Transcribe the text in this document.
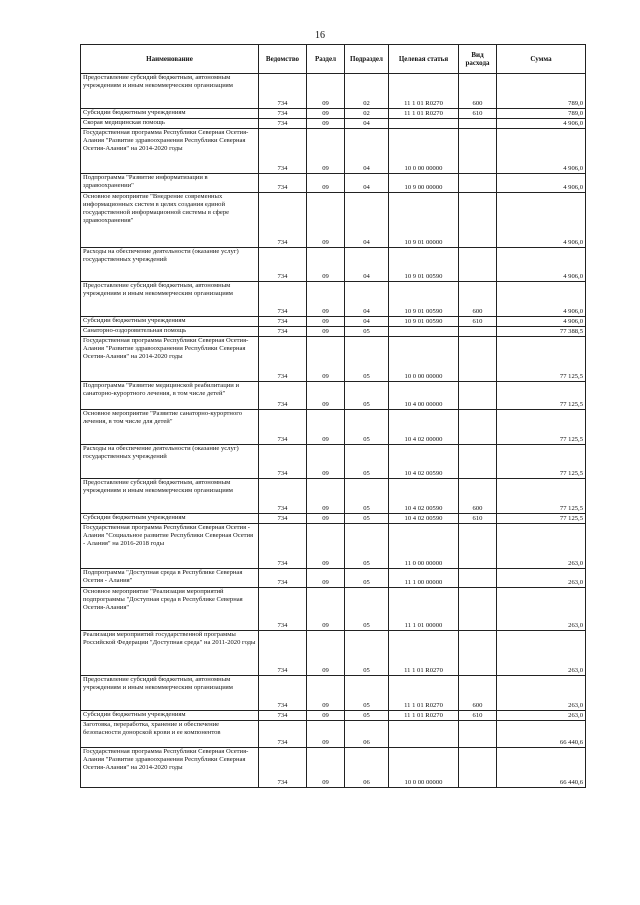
16
Наименование	Ведомство	Раздел	Подраздел	Целевая статья	Вид расхода	Сумма
Предоставление субсидий бюджетным, автономным учреждениям и иным некоммерческим организациям	734	09	02	11 1 01 R0270	600	789,0
Субсидии бюджетным учреждениям	734	09	02	11 1 01 R0270	610	789,0
Скорая медицинская помощь	734	09	04			4 906,0
Государственная программа Республики Северная Осетия-Алания "Развитие здравоохранения Республики Северная Осетия-Алания" на 2014-2020 годы	734	09	04	10 0 00 00000		4 906,0
Подпрограмма "Развитие информатизации в здравоохранении"	734	09	04	10 9 00 00000		4 906,0
Основное мероприятие "Внедрение современных информационных систем в целях создания единой государственной информационной системы в сфере здравоохранения"	734	09	04	10 9 01 00000		4 906,0
Расходы на обеспечение деятельности (оказание услуг) государственных учреждений	734	09	04	10 9 01 00590		4 906,0
Предоставление субсидий бюджетным, автономным учреждениям и иным некоммерческим организациям	734	09	04	10 9 01 00590	600	4 906,0
Субсидии бюджетным учреждениям	734	09	04	10 9 01 00590	610	4 906,0
Санаторно-оздоровительная помощь	734	09	05			77 388,5
Государственная программа Республики Северная Осетия-Алания "Развитие здравоохранения Республики Северная Осетия-Алания" на 2014-2020 годы	734	09	05	10 0 00 00000		77 125,5
Подпрограмма "Развитие медицинской реабилитации и санаторно-курортного лечения, в том числе детей"	734	09	05	10 4 00 00000		77 125,5
Основное мероприятие "Развитие санаторно-курортного лечения, в том числе для детей"	734	09	05	10 4 02 00000		77 125,5
Расходы на обеспечение деятельности (оказание услуг) государственных учреждений	734	09	05	10 4 02 00590		77 125,5
Предоставление субсидий бюджетным, автономным учреждениям и иным некоммерческим организациям	734	09	05	10 4 02 00590	600	77 125,5
Субсидии бюджетным учреждениям	734	09	05	10 4 02 00590	610	77 125,5
Государственная программа Республики Северная Осетия - Алания "Социальное развитие Республики Северная Осетия - Алания" на 2016-2018 годы	734	09	05	11 0 00 00000		263,0
Подпрограмма "Доступная среда в Республике Северная Осетия - Алания"	734	09	05	11 1 00 00000		263,0
Основное мероприятие "Реализация мероприятий подпрограммы "Доступная среда в Республике Северная Осетия-Алания"	734	09	05	11 1 01 00000		263,0
Реализация мероприятий государственной программы Российской Федерации "Доступная среда" на 2011-2020 годы	734	09	05	11 1 01 R0270		263,0
Предоставление субсидий бюджетным, автономным учреждениям и иным некоммерческим организациям	734	09	05	11 1 01 R0270	600	263,0
Субсидии бюджетным учреждениям	734	09	05	11 1 01 R0270	610	263,0
Заготовка, переработка, хранение и обеспечение безопасности донорской крови и ее компонентов	734	09	06			66 440,6
Государственная программа Республики Северная Осетия-Алания "Развитие здравоохранения Республики Северная Осетия-Алания" на 2014-2020 годы	734	09	06	10 0 00 00000		66 440,6
